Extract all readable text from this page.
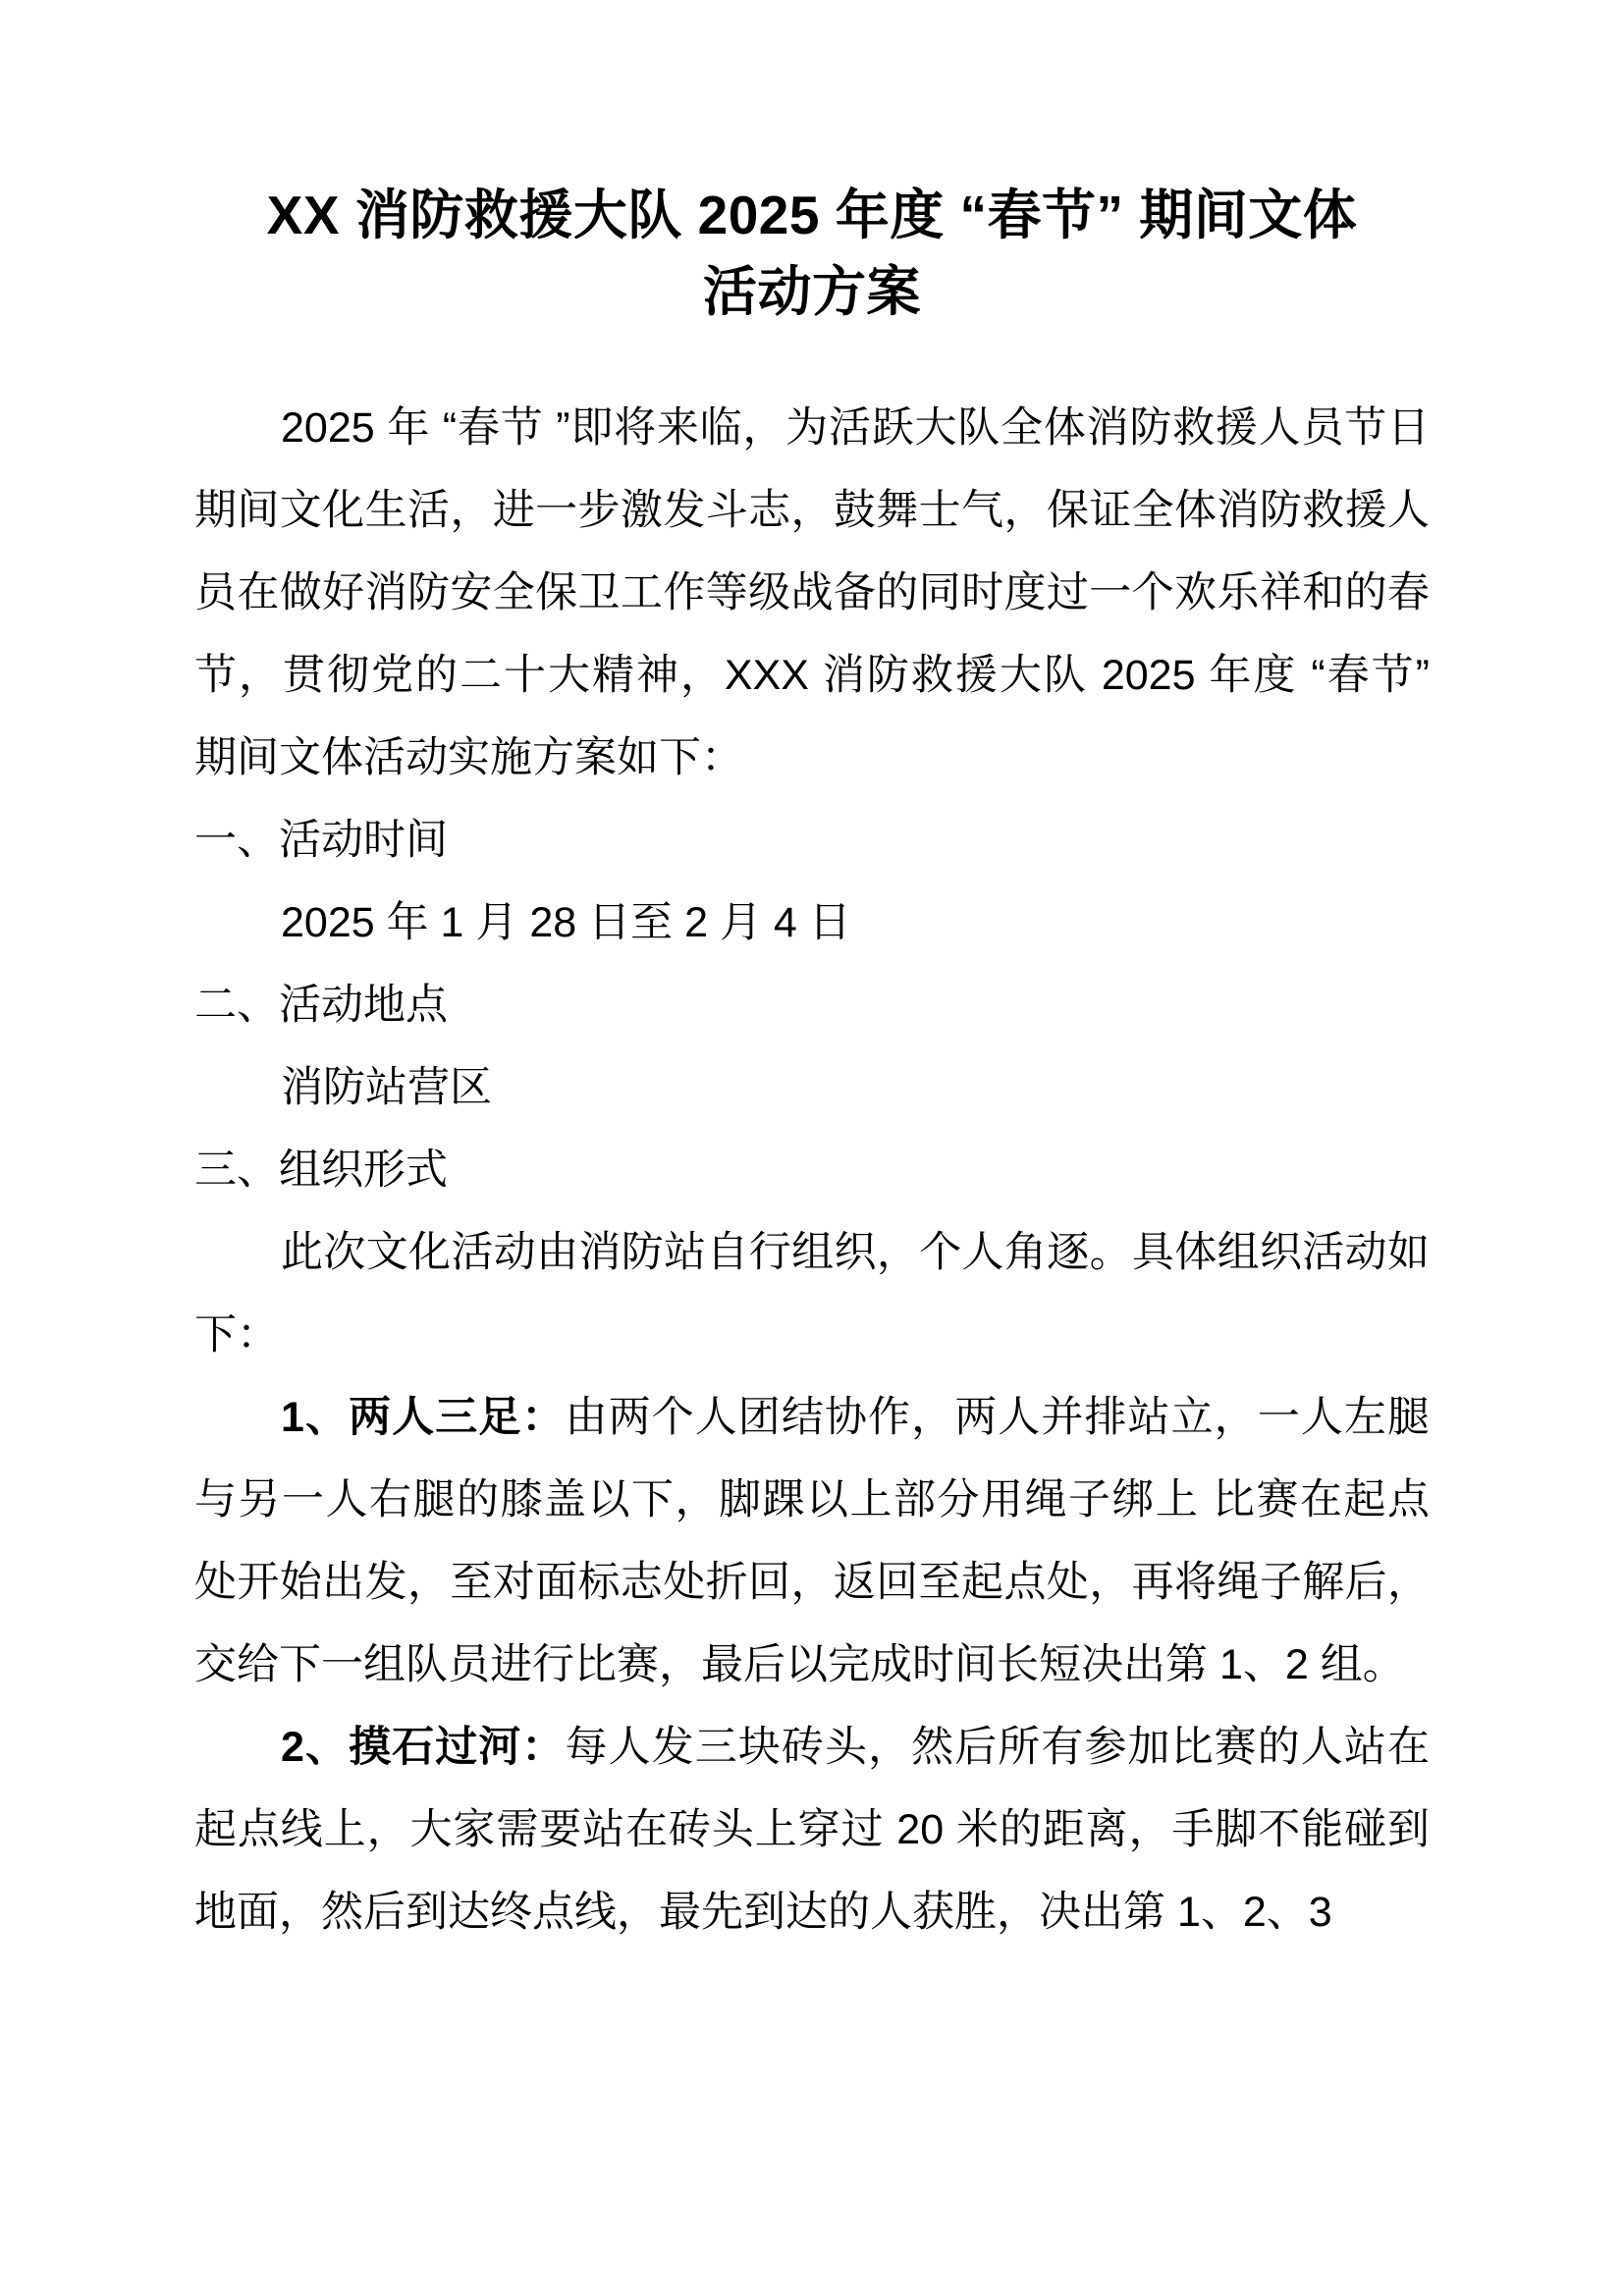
XX 消防救援大队 2025 年度 “春节” 期间文体
活动方案

2025 年 “春节 ”即将来临，为活跃大队全体消防救援人员节日期间文化生活，进一步激发斗志，鼓舞士气，保证全体消防救援人员在做好消防安全保卫工作等级战备的同时度过一个欢乐祥和的春节，贯彻党的二十大精神，XXX 消防救援大队 2025 年度 “春节” 期间文体活动实施方案如下：

一、活动时间

2025 年 1 月 28 日至 2 月 4 日

二、活动地点

消防站营区

三、组织形式

此次文化活动由消防站自行组织，个人角逐。具体组织活动如下：

1、两人三足：由两个人团结协作，两人并排站立，一人左腿与另一人右腿的膝盖以下，脚踝以上部分用绳子绑上 比赛在起点处开始出发，至对面标志处折回，返回至起点处，再将绳子解后，交给下一组队员进行比赛，最后以完成时间长短决出第 1、2 组。

2、摸石过河：每人发三块砖头，然后所有参加比赛的人站在起点线上，大家需要站在砖头上穿过 20 米的距离，手脚不能碰到地面，然后到达终点线，最先到达的人获胜，决出第 1、2、3
